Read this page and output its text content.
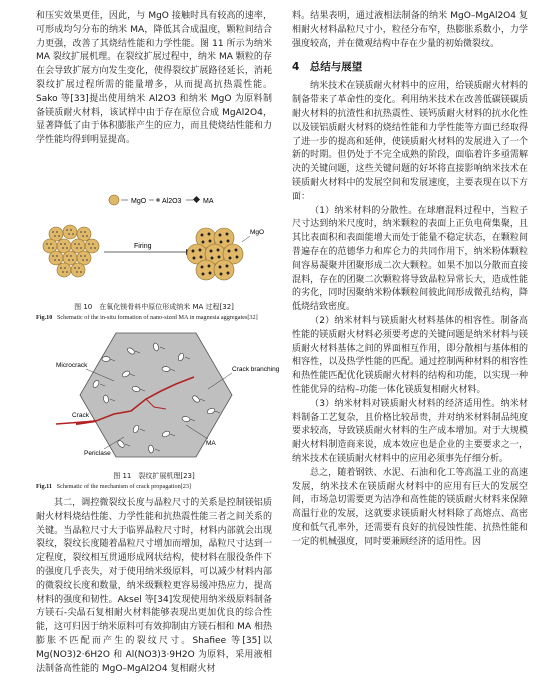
和压实效果更佳，因此，与 MgO 接触时具有较高的速率，可形成均匀分布的纳米 MA，降低其合成温度，颗粒间结合力更强，改善了其烧结性能和力学性能。图 11 所示为纳米 MA 裂纹扩展机理。在裂纹扩展过程中，纳米 MA 颗粒的存在会导致扩展方向发生变化，使得裂纹扩展路径延长，消耗裂纹扩展过程所需的能量增多，从而提高抗热震性能。Sako 等[33]提出使用纳米 Al2O3 和纳米 MgO 为原料制备镁质耐火材料，该试样中由于存在原位合成 MgAl2O4，显著降低了由于体积膨胀产生的应力，而且使烧结性能和力学性能均得到明显提高。

MgO Al2O3	MA
Firing
MgO
图 10　在氧化镁骨料中原位形成纳米 MA 过程[32]

Fig.10 Schematic of the in-situ formation of nano-sized MA in magnesia aggregates[32]

Microcrack
Crack branching
Crack
Periclase
MA
图 11　裂纹扩展机理[23]

Fig.11 Schematic of the mechanism of crack propagation[23]

其二，调控微裂纹长度与晶粒尺寸的关系是控制镁铝质耐火材料烧结性能、力学性能和抗热震性能三者之间关系的关键。当晶粒尺寸大于临界晶粒尺寸时，材料内部就会出现裂纹，裂纹长度随着晶粒尺寸增加而增加，晶粒尺寸达到一定程度，裂纹相互贯通形成网状结构，使材料在服役条件下的强度几乎丧失，对于使用纳米级原料，可以减少材料内部的微裂纹长度和数量，纳米级颗粒更容易缓冲热应力，提高材料的强度和韧性。Aksel 等[34]发现使用纳米级原料制备方镁石-尖晶石复相耐火材料能够表现出更加优良的综合性能，这可归因于纳米原料可有效抑制由方镁石相和 MA 相热膨胀不匹配而产生的裂纹尺寸。Shafiee 等[35]以 Mg(NO3)2·6H2O 和 Al(NO3)3·9H2O 为原料，采用液相法制备高性能的 MgO–MgAl2O4 复相耐火材

料。结果表明，通过液相法制备的纳米 MgO–MgAl2O4 复相耐火材料晶粒尺寸小，粒径分布窄，热膨胀系数小，力学强度较高，并在微观结构中存在少量的初始微裂纹。

4　总结与展望

纳米技术在镁质耐火材料中的应用，给镁质耐火材料的制备带来了革命性的变化。利用纳米技术在改善低碳镁碳质耐火材料的抗渣性和抗热震性、镁钙质耐火材料的抗水化性以及镁铝质耐火材料的烧结性能和力学性能等方面已经取得了进一步的提高和延伸，使镁质耐火材料的发展进入了一个新的时期。但仍处于不完全成熟的阶段，面临着许多亟需解决的关键问题，这些关键问题的好坏将直接影响纳米技术在镁质耐火材料中的发展空间和发展速度，主要表现在以下方面：

（1）纳米材料的分散性。在球磨混料过程中，当粒子尺寸达到纳米尺度时，纳米颗粒的表面上正负电荷集聚，且其比表面积和表面能增大而处于能量不稳定状态，在颗粒间普遍存在的范德华力和库仑力的共同作用下，纳米粉体颗粒间容易凝聚并团聚形成二次大颗粒。如果不加以分散而直接混料，存在的团聚二次颗粒将导致晶粒异常长大，造成性能的劣化，同时因聚纳米粉体颗粒间彼此间形成微孔结构，降低烧结致密度。

（2）纳米材料与镁质耐火材料基体的相容性。制备高性能的镁质耐火材料必须要考虑的关键问题是纳米材料与镁质耐火材料基体之间的界面相互作用，即分散相与基体相的相容性，以及热学性能的匹配。通过控制两种材料的相容性和热性能匹配优化镁质耐火材料的结构和功能，以实现一种性能优异的结构–功能一体化镁质复相耐火材料。

（3）纳米材料对镁质耐火材料的经济适用性。纳米材料制备工艺复杂，且价格比较昂贵，并对纳米材料制品纯度要求较高，导致镁质耐火材料的生产成本增加。对于大规模耐火材料制造商来说，成本效应也是企业的主要要求之一，纳米技术在镁质耐火材料中的应用必须事先仔细分析。

总之，随着钢铁、水泥、石油和化工等高温工业的高速发展，纳米技术在镁质耐火材料中的应用有巨大的发展空间，市场急切需要更为洁净和高性能的镁质耐火材料来保障高温行业的发展，这就要求镁质耐火材料除了高熔点、高密度和低气孔率外，还需要有良好的抗侵蚀性能、抗热性能和一定的机械强度，同时要兼顾经济的适用性。因
